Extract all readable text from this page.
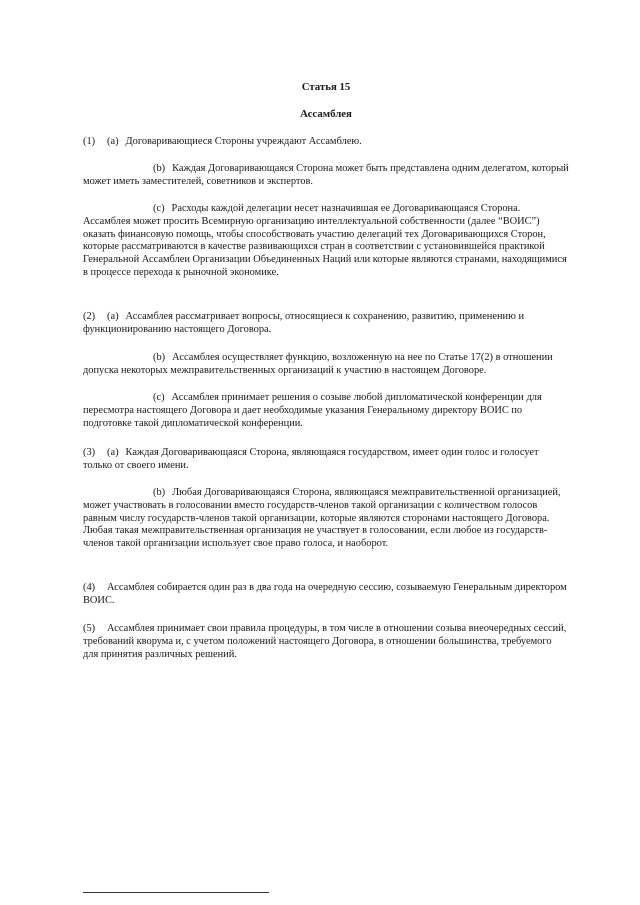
Статья 15
Ассамблея

(1) (a) Договаривающиеся Стороны учреждают Ассамблею.

(b) Каждая Договаривающаяся Сторона может быть представлена одним делегатом, который может иметь заместителей, советников и экспертов.

(c) Расходы каждой делегации несет назначившая ее Договаривающаяся Сторона. Ассамблея может просить Всемирную организацию интеллектуальной собственности (далее “ВОИС”) оказать финансовую помощь, чтобы способствовать участию делегаций тех Договаривающихся Сторон, которые рассматриваются в качестве развивающихся стран в соответствии с установившейся практикой Генеральной Ассамблеи Организации Объединенных Наций или которые являются странами, находящимися в процессе перехода к рыночной экономике.

(2) (a) Ассамблея рассматривает вопросы, относящиеся к сохранению, развитию, применению и функционированию настоящего Договора.

(b) Ассамблея осуществляет функцию, возложенную на нее по Статье 17(2) в отношении допуска некоторых межправительственных организаций к участию в настоящем Договоре.

(c) Ассамблея принимает решения о созыве любой дипломатической конференции для пересмотра настоящего Договора и дает необходимые указания Генеральному директору ВОИС по подготовке такой дипломатической конференции.

(3) (a) Каждая Договаривающаяся Сторона, являющаяся государством, имеет один голос и голосует только от своего имени.

(b) Любая Договаривающаяся Сторона, являющаяся межправительственной организацией, может участвовать в голосовании вместо государств-членов такой организации с количеством голосов равным числу государств-членов такой организации, которые являются сторонами настоящего Договора. Любая такая межправительственная организация не участвует в голосовании, если любое из государств-членов такой организации использует свое право голоса, и наоборот.

(4) Ассамблея собирается один раз в два года на очередную сессию, созываемую Генеральным директором ВОИС.

(5) Ассамблея принимает свои правила процедуры, в том числе в отношении созыва внеочередных сессий, требований кворума и, с учетом положений настоящего Договора, в отношении большинства, требуемого для принятия различных решений.
